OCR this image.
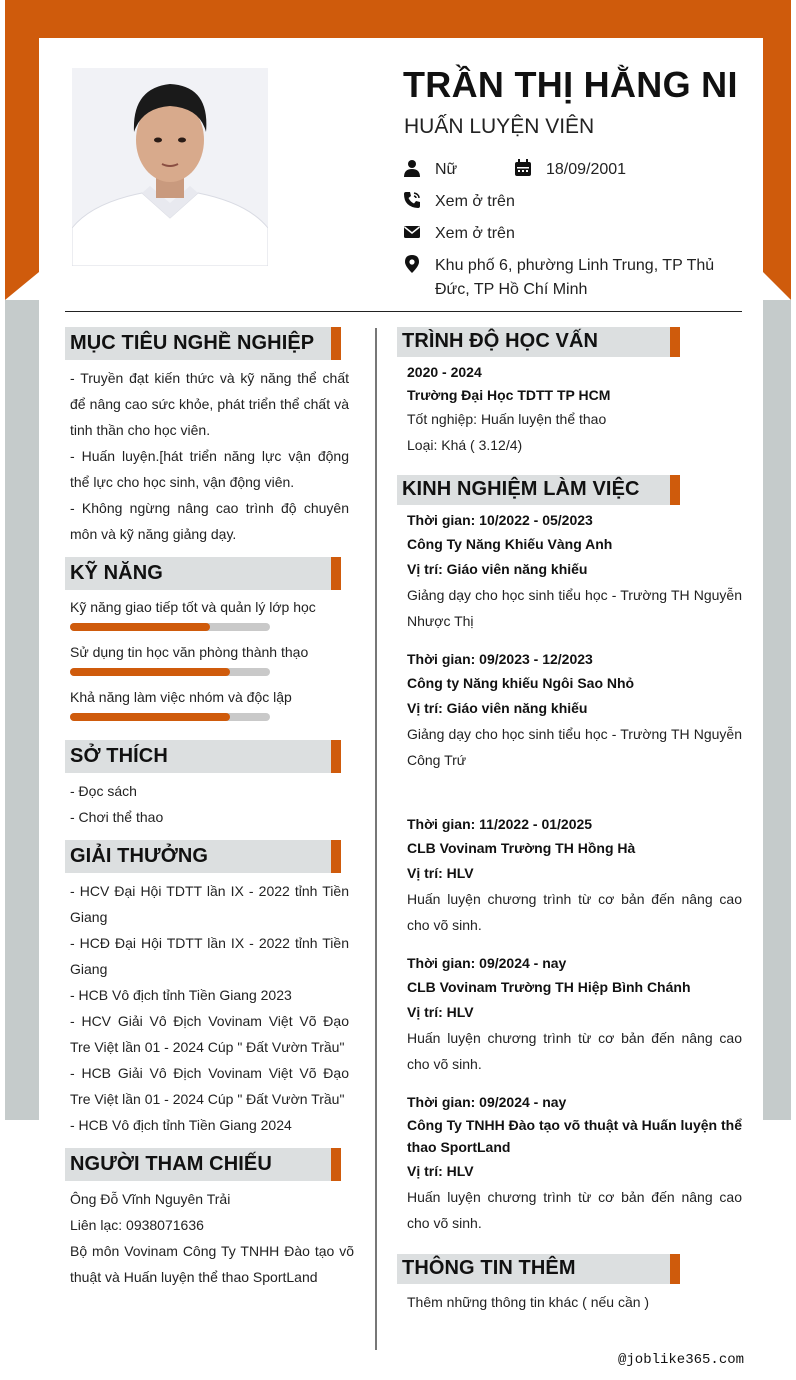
TRẦN THỊ HẰNG NI
HUẤN LUYỆN VIÊN
Nữ	18/09/2001
Xem ở trên
Xem ở trên
Khu phố 6, phường Linh Trung, TP Thủ Đức, TP Hồ Chí Minh
MỤC TIÊU NGHỀ NGHIỆP
- Truyền đạt kiến thức và kỹ năng thể chất để nâng cao sức khỏe, phát triển thể chất và tinh thần cho học viên.
- Huấn luyện.[hát triển năng lực vận động thể lực cho học sinh, vận động viên.
- Không ngừng nâng cao trình độ chuyên môn và kỹ năng giảng dạy.
KỸ NĂNG
Kỹ năng giao tiếp tốt và quản lý lớp học
Sử dụng tin học văn phòng thành thạo
Khả năng làm việc nhóm và độc lập
SỞ THÍCH
- Đọc sách
- Chơi thể thao
GIẢI THƯỞNG
- HCV Đại Hội TDTT lần IX - 2022 tỉnh Tiền Giang
- HCĐ Đại Hội TDTT lần IX - 2022 tỉnh Tiền Giang
- HCB Vô địch tỉnh Tiền Giang 2023
- HCV Giải Vô Địch Vovinam Việt Võ Đạo Tre Việt lần 01 - 2024 Cúp " Đất Vườn Trầu"
- HCB Giải Vô Địch Vovinam Việt Võ Đạo Tre Việt lần 01 - 2024 Cúp " Đất Vườn Trầu"
- HCB Vô địch tỉnh Tiền Giang 2024
NGƯỜI THAM CHIẾU
Ông Đỗ Vĩnh Nguyên Trải
Liên lạc: 0938071636
Bộ môn Vovinam Công Ty TNHH Đào tạo võ thuật và Huấn luyện thể thao SportLand
TRÌNH ĐỘ HỌC VẤN
2020 - 2024
Trường Đại Học TDTT TP HCM
Tốt nghiệp: Huấn luyện thể thao
Loại: Khá ( 3.12/4)
KINH NGHIỆM LÀM VIỆC
Thời gian: 10/2022 - 05/2023
Công Ty Năng Khiếu Vàng Anh
Vị trí: Giáo viên năng khiếu
Giảng dạy cho học sinh tiểu học - Trường TH Nguyễn Nhược Thị
Thời gian: 09/2023 - 12/2023
Công ty Năng khiếu Ngôi Sao Nhỏ
Vị trí: Giáo viên năng khiếu
Giảng dạy cho học sinh tiểu học - Trường TH Nguyễn Công Trứ
Thời gian: 11/2022 - 01/2025
CLB Vovinam Trường TH Hồng Hà
Vị trí: HLV
Huấn luyện chương trình từ cơ bản đến nâng cao cho võ sinh.
Thời gian: 09/2024 - nay
CLB Vovinam Trường TH Hiệp Bình Chánh
Vị trí: HLV
Huấn luyện chương trình từ cơ bản đến nâng cao cho võ sinh.
Thời gian: 09/2024 - nay
Công Ty TNHH Đào tạo võ thuật và Huấn luyện thể thao SportLand
Vị trí: HLV
Huấn luyện chương trình từ cơ bản đến nâng cao cho võ sinh.
THÔNG TIN THÊM
Thêm những thông tin khác ( nếu cần )
@joblike365.com
